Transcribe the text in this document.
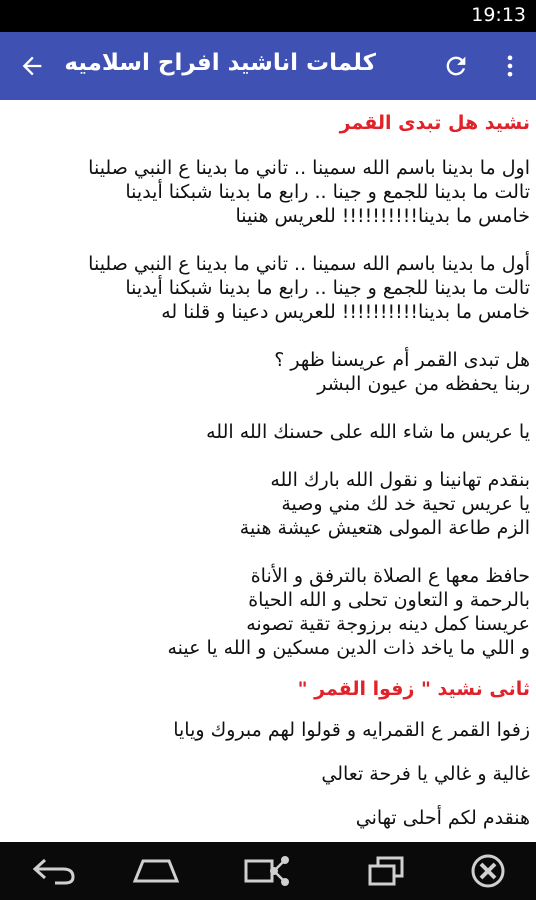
19:13
كلمات اناشيد افراح اسلاميه

نشيد هل تبدى القمر

اول ما بدينا باسم الله سمينا .. تاني ما بدينا ع النبي صلينا

تالت ما بدينا للجمع و جينا .. رابع ما بدينا شبكنا أيدينا

خامس ما بدينا!!!!!!!!!! للعريس هنينا

أول ما بدينا باسم الله سمينا .. تاني ما بدينا ع النبي صلينا

تالت ما بدينا للجمع و جينا .. رابع ما بدينا شبكنا أيدينا

خامس ما بدينا!!!!!!!!!! للعريس دعينا و قلنا له

هل تبدى القمر أم عريسنا ظهر ؟

ربنا يحفظه من عيون البشر

يا عريس ما شاء الله على حسنك الله الله

بنقدم تهانينا و نقول الله بارك الله

يا عريس تحية خد لك مني وصية

الزم طاعة المولى هتعيش عيشة هنية

حافظ معها ع الصلاة بالترفق و الأناة

بالرحمة و التعاون تحلى و الله الحياة

عريسنا كمل دينه برزوجة تقية تصونه

و اللي ما ياخد ذات الدين مسكين و الله يا عينه

ثانى نشيد " زفوا القمر "

زفوا القمر ع القمرايه و قولوا لهم مبروك ويايا

غالية و غالي يا فرحة تعالي

هنقدم لكم أحلى تهاني
